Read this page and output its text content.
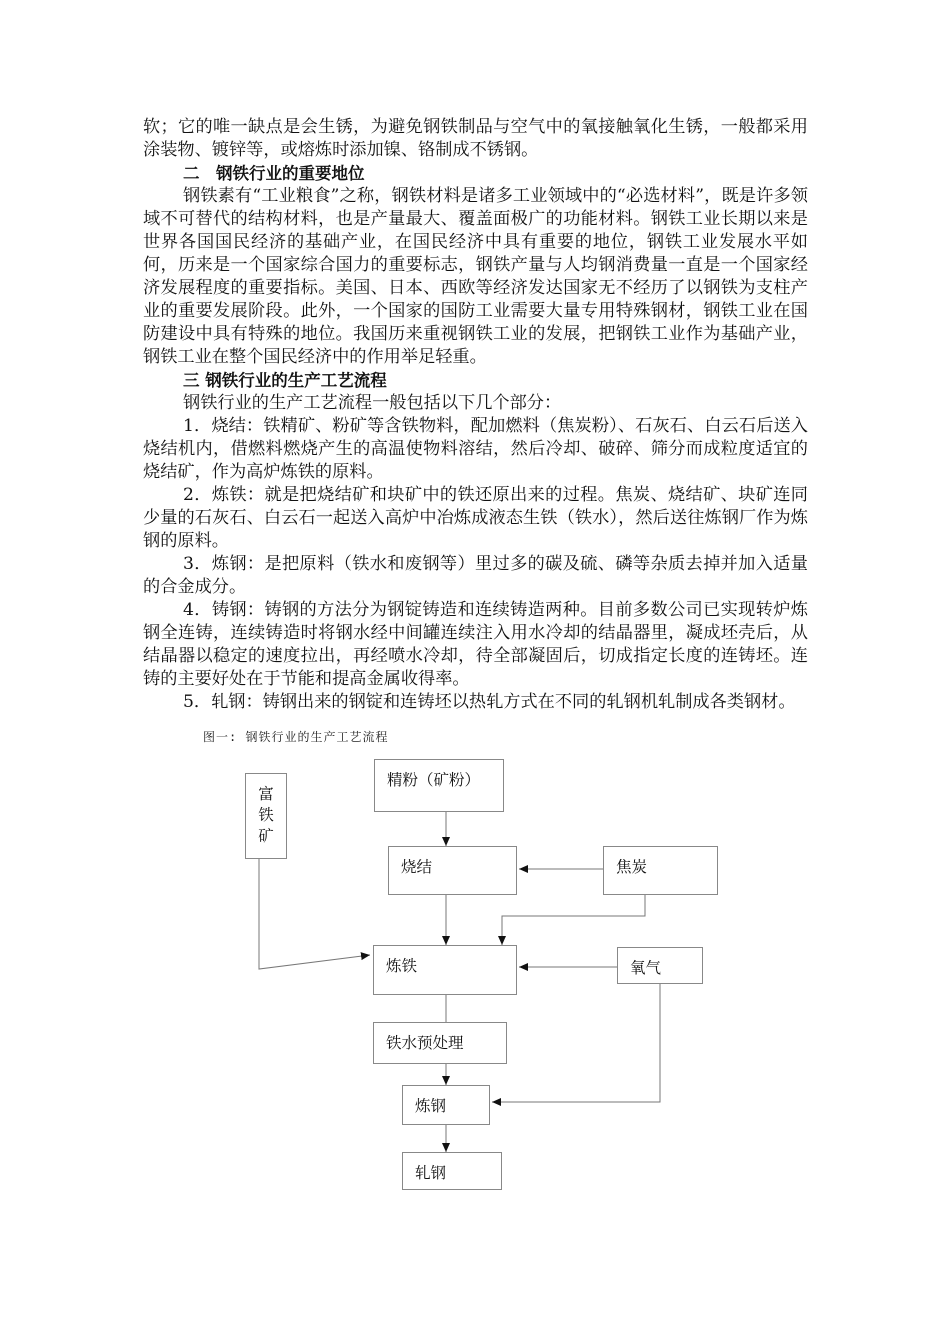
软；它的唯一缺点是会生锈，为避免钢铁制品与空气中的氧接触氧化生锈，一般都采用涂装物、镀锌等，或熔炼时添加镍、铬制成不锈钢。

二　钢铁行业的重要地位

钢铁素有“工业粮食”之称，钢铁材料是诸多工业领域中的“必选材料”，既是许多领域不可替代的结构材料，也是产量最大、覆盖面极广的功能材料。钢铁工业长期以来是世界各国国民经济的基础产业，在国民经济中具有重要的地位，钢铁工业发展水平如何，历来是一个国家综合国力的重要标志，钢铁产量与人均钢消费量一直是一个国家经济发展程度的重要指标。美国、日本、西欧等经济发达国家无不经历了以钢铁为支柱产业的重要发展阶段。此外，一个国家的国防工业需要大量专用特殊钢材，钢铁工业在国防建设中具有特殊的地位。我国历来重视钢铁工业的发展，把钢铁工业作为基础产业，钢铁工业在整个国民经济中的作用举足轻重。

三 钢铁行业的生产工艺流程

钢铁行业的生产工艺流程一般包括以下几个部分：

1．烧结：铁精矿、粉矿等含铁物料，配加燃料（焦炭粉）、石灰石、白云石后送入烧结机内，借燃料燃烧产生的高温使物料溶结，然后冷却、破碎、筛分而成粒度适宜的烧结矿，作为高炉炼铁的原料。

2．炼铁：就是把烧结矿和块矿中的铁还原出来的过程。焦炭、烧结矿、块矿连同少量的石灰石、白云石一起送入高炉中冶炼成液态生铁（铁水），然后送往炼钢厂作为炼钢的原料。

3．炼钢：是把原料（铁水和废钢等）里过多的碳及硫、磷等杂质去掉并加入适量的合金成分。

4．铸钢：铸钢的方法分为钢锭铸造和连续铸造两种。目前多数公司已实现转炉炼钢全连铸，连续铸造时将钢水经中间罐连续注入用水冷却的结晶器里，凝成坯壳后，从结晶器以稳定的速度拉出，再经喷水冷却，待全部凝固后，切成指定长度的连铸坯。连铸的主要好处在于节能和提高金属收得率。

5．轧钢：铸钢出来的钢锭和连铸坯以热轧方式在不同的轧钢机轧制成各类钢材。

图一: 钢铁行业的生产工艺流程
富
铁
矿
精粉（矿粉）
烧结	焦炭
炼铁	氧气
铁水预处理
炼钢
轧钢
